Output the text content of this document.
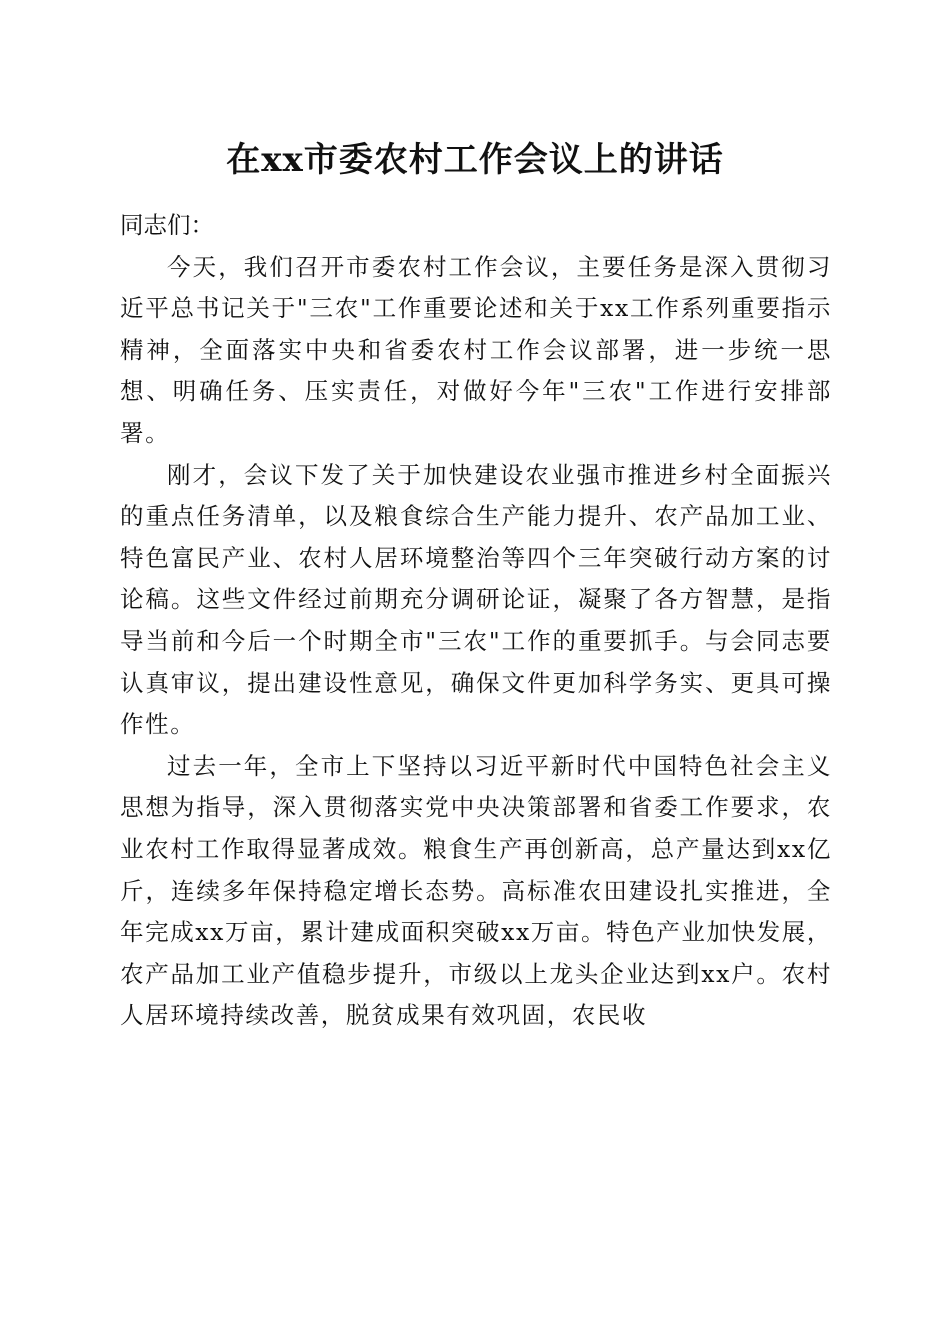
在xx市委农村工作会议上的讲话

同志们：

今天，我们召开市委农村工作会议，主要任务是深入贯彻习近平总书记关于"三农"工作重要论述和关于xx工作系列重要指示精神，全面落实中央和省委农村工作会议部署，进一步统一思想、明确任务、压实责任，对做好今年"三农"工作进行安排部署。

刚才，会议下发了关于加快建设农业强市推进乡村全面振兴的重点任务清单，以及粮食综合生产能力提升、农产品加工业、特色富民产业、农村人居环境整治等四个三年突破行动方案的讨论稿。这些文件经过前期充分调研论证，凝聚了各方智慧，是指导当前和今后一个时期全市"三农"工作的重要抓手。与会同志要认真审议，提出建设性意见，确保文件更加科学务实、更具可操作性。

过去一年，全市上下坚持以习近平新时代中国特色社会主义思想为指导，深入贯彻落实党中央决策部署和省委工作要求，农业农村工作取得显著成效。粮食生产再创新高，总产量达到xx亿斤，连续多年保持稳定增长态势。高标准农田建设扎实推进，全年完成xx万亩，累计建成面积突破xx万亩。特色产业加快发展，农产品加工业产值稳步提升，市级以上龙头企业达到xx户。农村人居环境持续改善，脱贫成果有效巩固，农民收
